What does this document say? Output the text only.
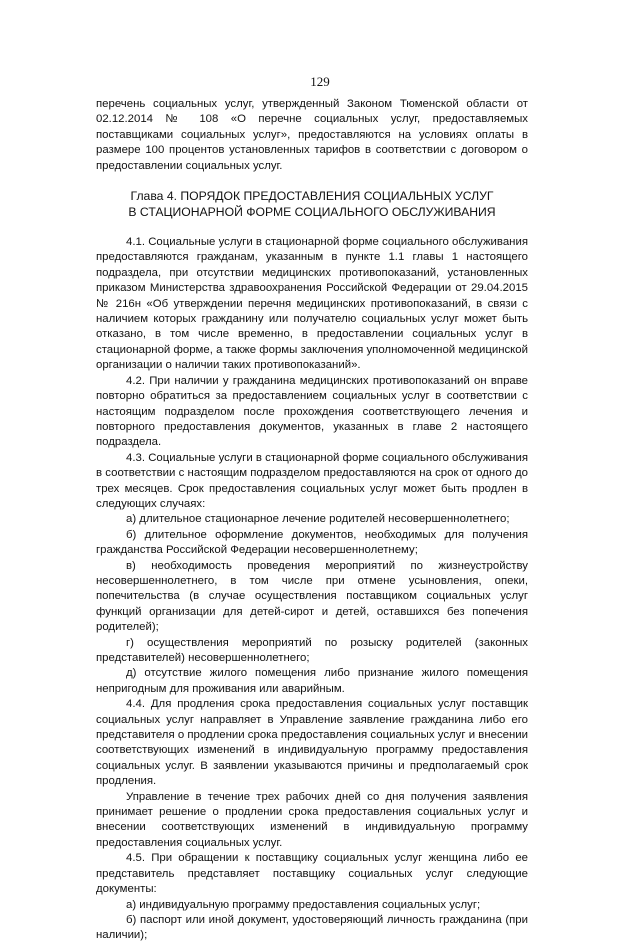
129

перечень социальных услуг, утвержденный Законом Тюменской области от 02.12.2014 № 108 «О перечне социальных услуг, предоставляемых поставщиками социальных услуг», предоставляются на условиях оплаты в размере 100 процентов установленных тарифов в соответствии с договором о предоставлении социальных услуг.

Глава 4. ПОРЯДОК ПРЕДОСТАВЛЕНИЯ СОЦИАЛЬНЫХ УСЛУГ
В СТАЦИОНАРНОЙ ФОРМЕ СОЦИАЛЬНОГО ОБСЛУЖИВАНИЯ

4.1. Социальные услуги в стационарной форме социального обслуживания предоставляются гражданам, указанным в пункте 1.1 главы 1 настоящего подраздела, при отсутствии медицинских противопоказаний, установленных приказом Министерства здравоохранения Российской Федерации от 29.04.2015 № 216н «Об утверждении перечня медицинских противопоказаний, в связи с наличием которых гражданину или получателю социальных услуг может быть отказано, в том числе временно, в предоставлении социальных услуг в стационарной форме, а также формы заключения уполномоченной медицинской организации о наличии таких противопоказаний».

4.2. При наличии у гражданина медицинских противопоказаний он вправе повторно обратиться за предоставлением социальных услуг в соответствии с настоящим подразделом после прохождения соответствующего лечения и повторного предоставления документов, указанных в главе 2 настоящего подраздела.

4.3. Социальные услуги в стационарной форме социального обслуживания в соответствии с настоящим подразделом предоставляются на срок от одного до трех месяцев. Срок предоставления социальных услуг может быть продлен в следующих случаях:

а) длительное стационарное лечение родителей несовершеннолетнего;

б) длительное оформление документов, необходимых для получения гражданства Российской Федерации несовершеннолетнему;

в) необходимость проведения мероприятий по жизнеустройству несовершеннолетнего, в том числе при отмене усыновления, опеки, попечительства (в случае осуществления поставщиком социальных услуг функций организации для детей-сирот и детей, оставшихся без попечения родителей);

г) осуществления мероприятий по розыску родителей (законных представителей) несовершеннолетнего;

д) отсутствие жилого помещения либо признание жилого помещения непригодным для проживания или аварийным.

4.4. Для продления срока предоставления социальных услуг поставщик социальных услуг направляет в Управление заявление гражданина либо его представителя о продлении срока предоставления социальных услуг и внесении соответствующих изменений в индивидуальную программу предоставления социальных услуг. В заявлении указываются причины и предполагаемый срок продления.

Управление в течение трех рабочих дней со дня получения заявления принимает решение о продлении срока предоставления социальных услуг и внесении соответствующих изменений в индивидуальную программу предоставления социальных услуг.

4.5. При обращении к поставщику социальных услуг женщина либо ее представитель представляет поставщику социальных услуг следующие документы:

а) индивидуальную программу предоставления социальных услуг;

б) паспорт или иной документ, удостоверяющий личность гражданина (при наличии);
